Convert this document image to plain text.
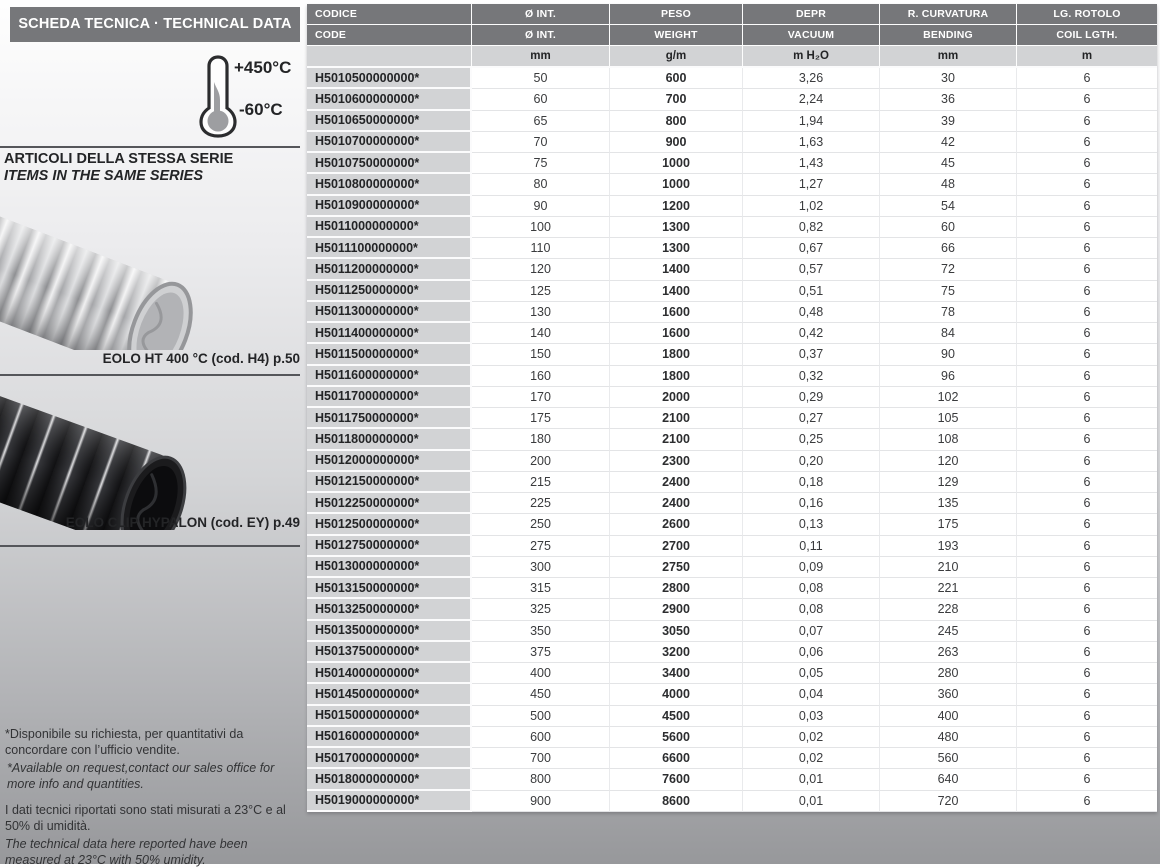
SCHEDA TECNICA · TECHNICAL DATA
+450°C
-60°C
ARTICOLI DELLA STESSA SERIE
ITEMS IN THE SAME SERIES
EOLO HT 400 °C (cod. H4) p.50
EOLO CLIP HYPALON (cod. EY) p.49

*Disponibile su richiesta, per quantitativi da concordare con l’ufficio vendite.

*Available on request,contact our sales office for more info and quantities.

I dati tecnici riportati sono stati misurati a 23°C e al 50% di umidità.

The technical data here reported have been measured at 23°C with 50% umidity.

CODICE	Ø INT.	PESO	DEPR	R. CURVATURA	LG. ROTOLO
CODE	Ø INT.	WEIGHT	VACUUM	BENDING	COIL LGTH.
	mm	g/m	m H₂O	mm	m
H5010500000000*	50	600	3,26	30	6
H5010600000000*	60	700	2,24	36	6
H5010650000000*	65	800	1,94	39	6
H5010700000000*	70	900	1,63	42	6
H5010750000000*	75	1000	1,43	45	6
H5010800000000*	80	1000	1,27	48	6
H5010900000000*	90	1200	1,02	54	6
H5011000000000*	100	1300	0,82	60	6
H5011100000000*	110	1300	0,67	66	6
H5011200000000*	120	1400	0,57	72	6
H5011250000000*	125	1400	0,51	75	6
H5011300000000*	130	1600	0,48	78	6
H5011400000000*	140	1600	0,42	84	6
H5011500000000*	150	1800	0,37	90	6
H5011600000000*	160	1800	0,32	96	6
H5011700000000*	170	2000	0,29	102	6
H5011750000000*	175	2100	0,27	105	6
H5011800000000*	180	2100	0,25	108	6
H5012000000000*	200	2300	0,20	120	6
H5012150000000*	215	2400	0,18	129	6
H5012250000000*	225	2400	0,16	135	6
H5012500000000*	250	2600	0,13	175	6
H5012750000000*	275	2700	0,11	193	6
H5013000000000*	300	2750	0,09	210	6
H5013150000000*	315	2800	0,08	221	6
H5013250000000*	325	2900	0,08	228	6
H5013500000000*	350	3050	0,07	245	6
H5013750000000*	375	3200	0,06	263	6
H5014000000000*	400	3400	0,05	280	6
H5014500000000*	450	4000	0,04	360	6
H5015000000000*	500	4500	0,03	400	6
H5016000000000*	600	5600	0,02	480	6
H5017000000000*	700	6600	0,02	560	6
H5018000000000*	800	7600	0,01	640	6
H5019000000000*	900	8600	0,01	720	6
